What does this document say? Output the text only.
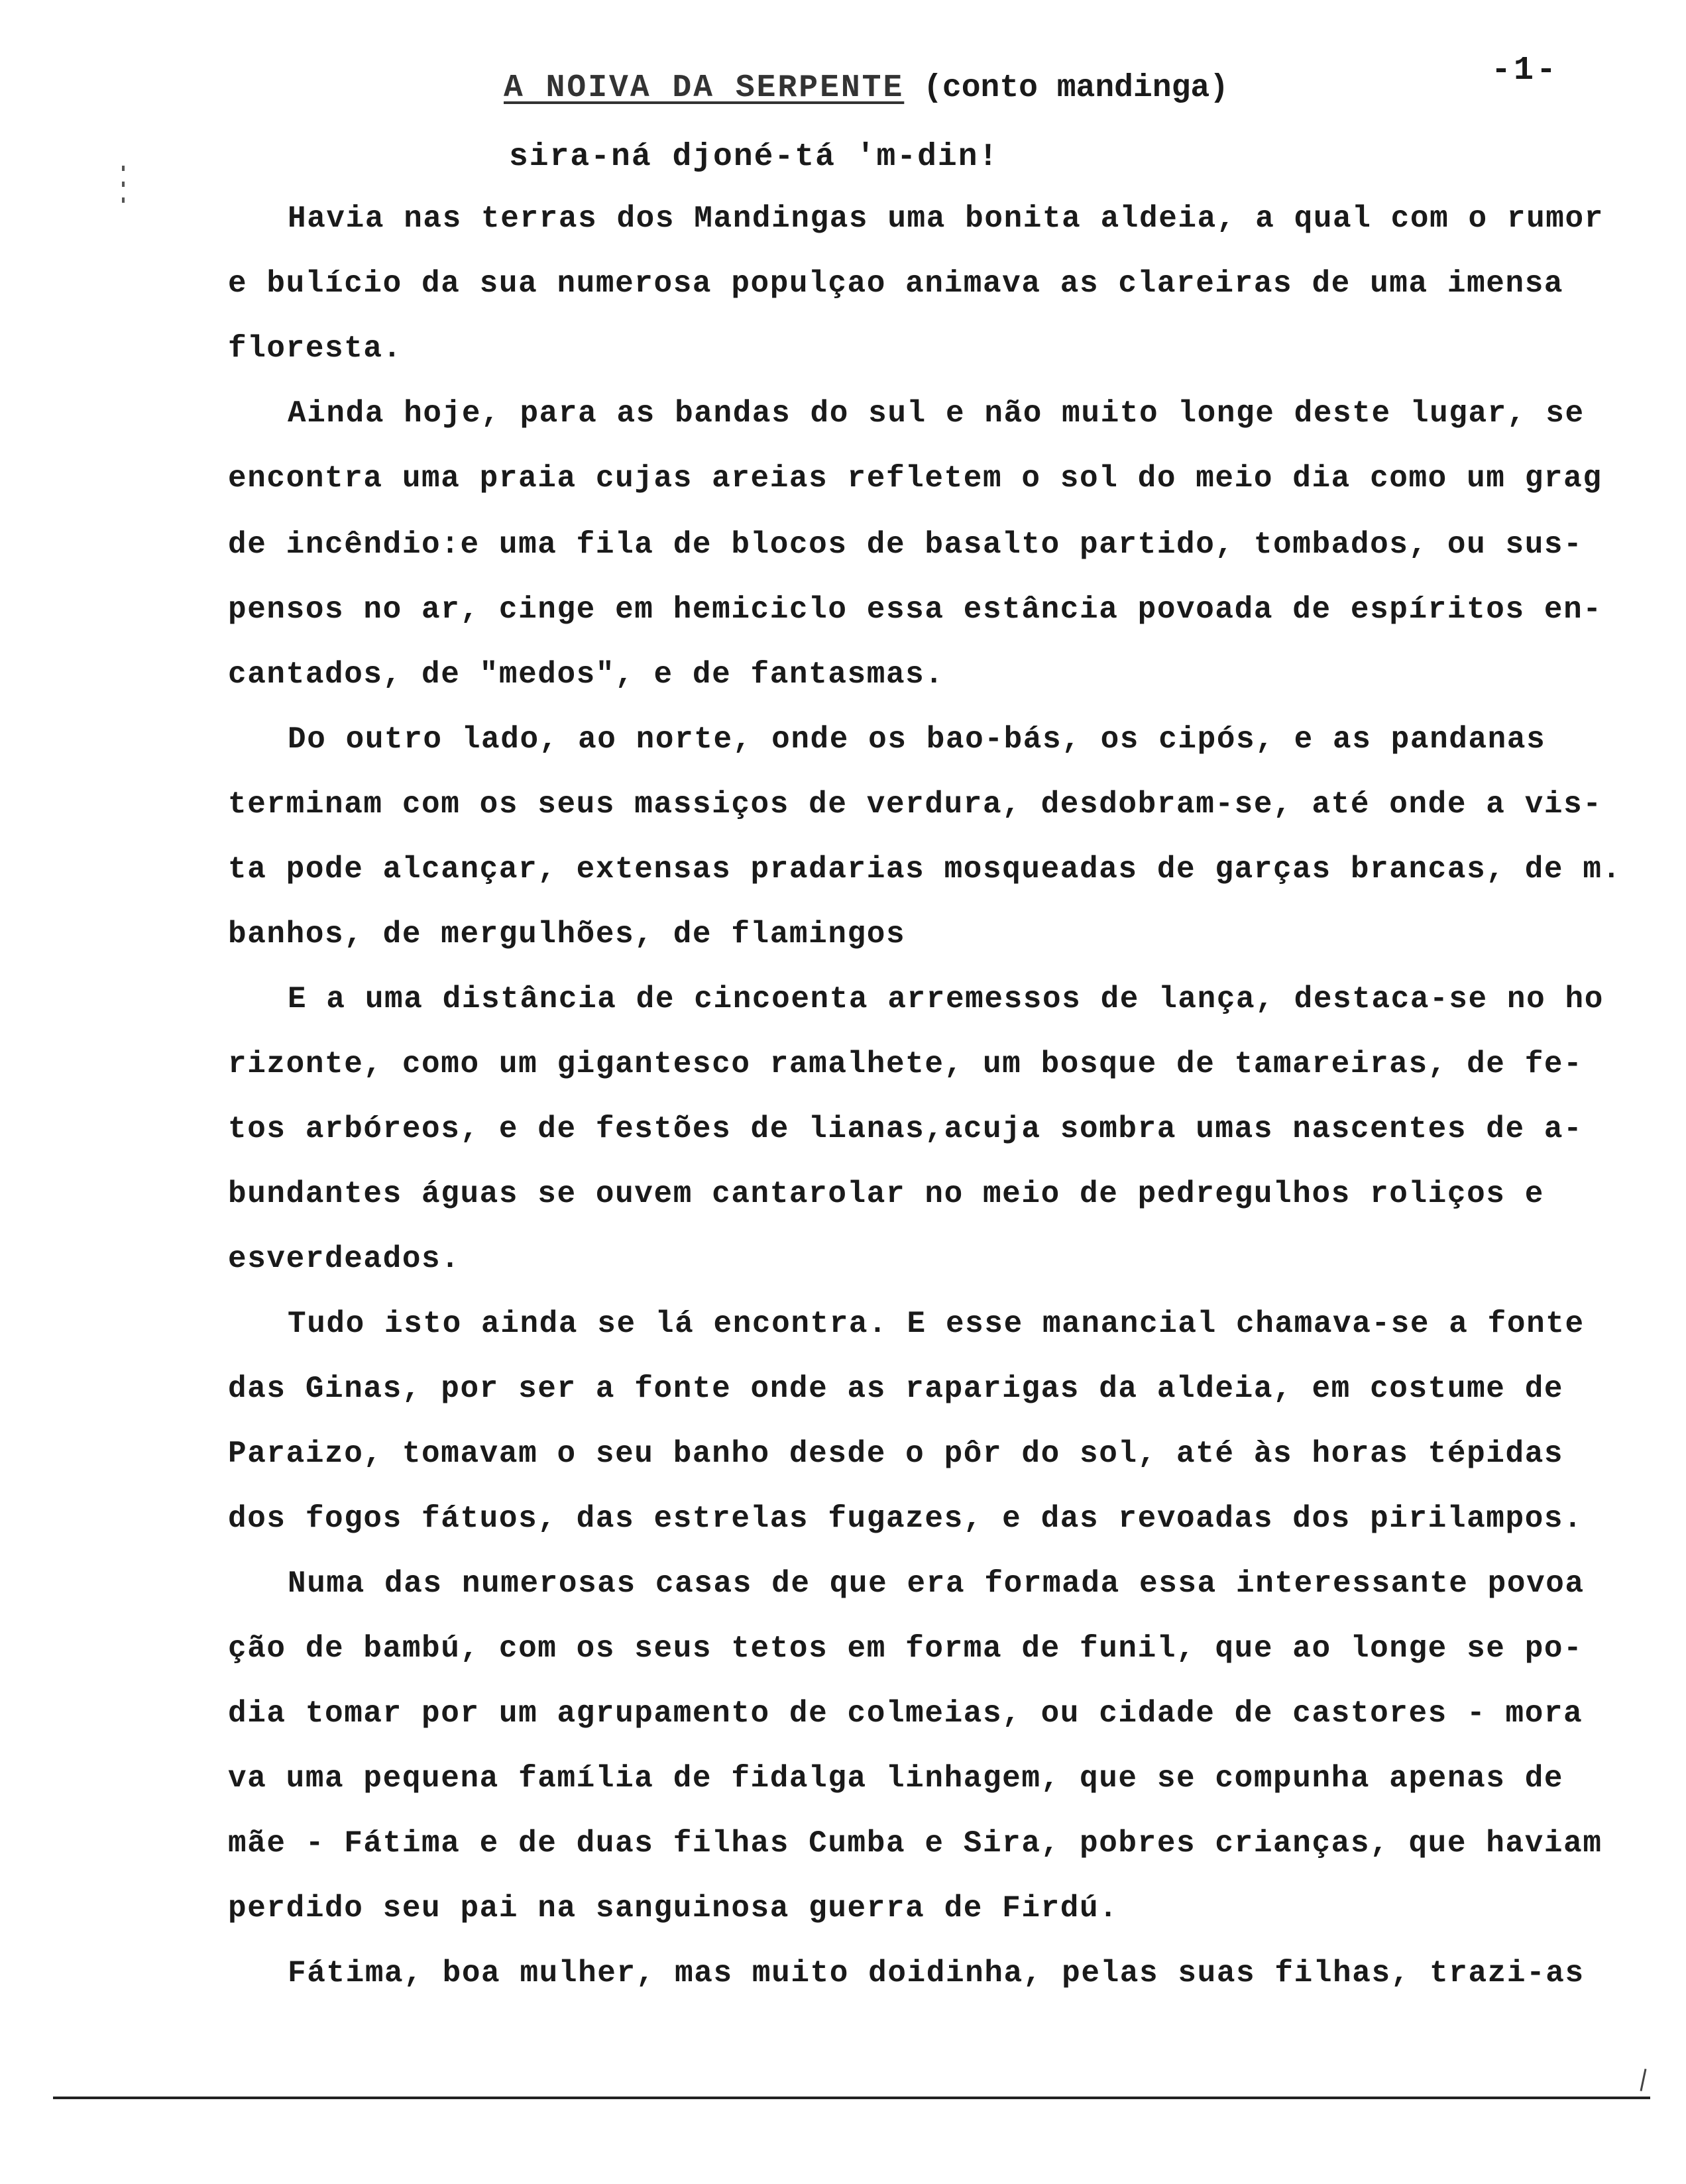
-1-
A NOIVA DA SERPENTE (conto mandinga)
sira-ná djoné-tá 'm-din!
Havia nas terras dos Mandingas uma bonita aldeia, a qual com o rumor
e bulício da sua numerosa populçao animava as clareiras de uma imensa
floresta.
Ainda hoje, para as bandas do sul e não muito longe deste lugar, se
encontra uma praia cujas areias refletem o sol do meio dia como um grag
de incêndio:e uma fila de blocos de basalto partido, tombados, ou sus-
pensos no ar, cinge em hemiciclo essa estância povoada de espíritos en-
cantados, de "medos", e de fantasmas.
Do outro lado, ao norte, onde os bao-bás, os cipós, e as pandanas
terminam com os seus massiços de verdura, desdobram-se, até onde a vis-
ta pode alcançar, extensas pradarias mosqueadas de garças brancas, de m.
banhos, de mergulhões, de flamingos
E a uma distância de cincoenta arremessos de lança, destaca-se no ho
rizonte, como um gigantesco ramalhete, um bosque de tamareiras, de fe-
tos arbóreos, e de festões de lianas,acuja sombra umas nascentes de a-
bundantes águas se ouvem cantarolar no meio de pedregulhos roliços e
esverdeados.
Tudo isto ainda se lá encontra. E esse manancial chamava-se a fonte
das Ginas, por ser a fonte onde as raparigas da aldeia, em costume de
Paraizo, tomavam o seu banho desde o pôr do sol, até às horas tépidas
dos fogos fátuos, das estrelas fugazes, e das revoadas dos pirilampos.
Numa das numerosas casas de que era formada essa interessante povoa
ção de bambú, com os seus tetos em forma de funil, que ao longe se po-
dia tomar por um agrupamento de colmeias, ou cidade de castores - mora
va uma pequena família de fidalga linhagem, que se compunha apenas de
mãe - Fátima e de duas filhas Cumba e Sira, pobres crianças, que haviam
perdido seu pai na sanguinosa guerra de Firdú.
Fátima, boa mulher, mas muito doidinha, pelas suas filhas, trazi-as
